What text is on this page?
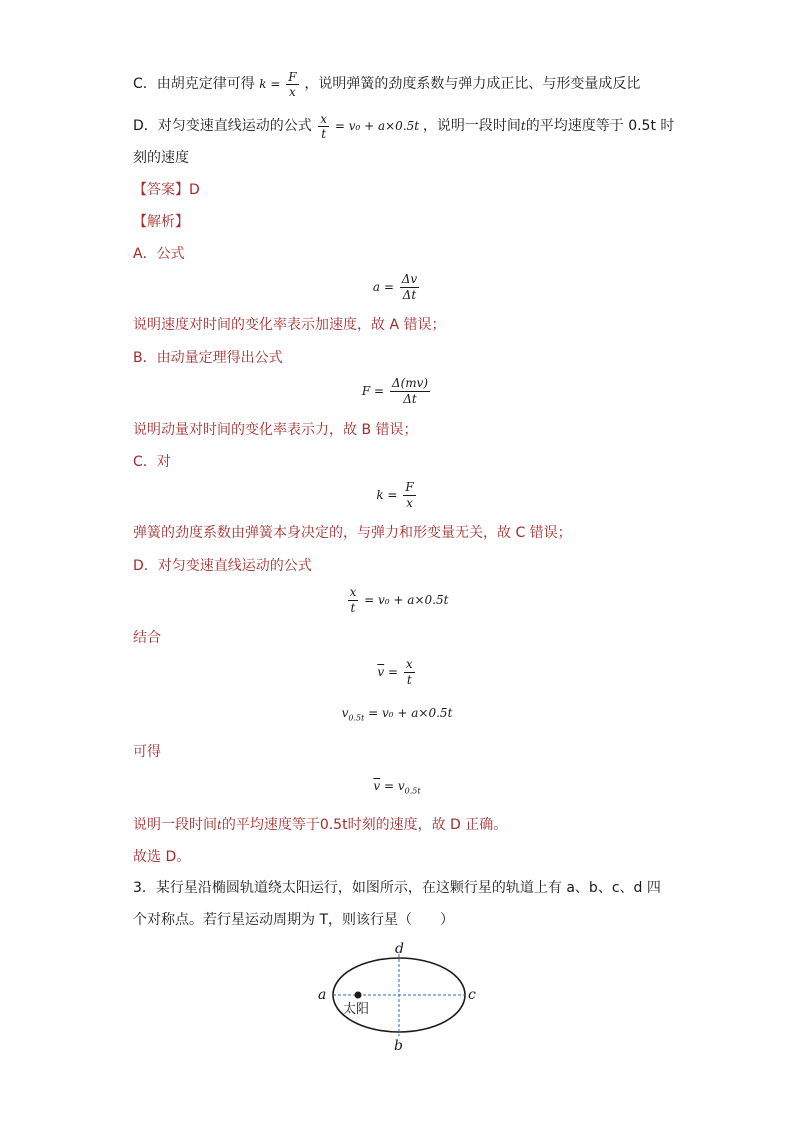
C．由胡克定律可得 $k = \frac{F}{x}$ ，说明弹簧的劲度系数与弹力成正比、与形变量成反比
D．对匀变速直线运动的公式 $\frac{x}{t} = v_0 + a\times 0.5t$ ，说明一段时间t的平均速度等于 0.5t 时
刻的速度
【答案】D
【解析】
A．公式
$a = \frac{\Delta v}{\Delta t}$
说明速度对时间的变化率表示加速度，故 A 错误；
B．由动量定理得出公式
$F = \frac{\Delta(mv)}{\Delta t}$
说明动量对时间的变化率表示力，故 B 错误；
C．对
$k = \frac{F}{x}$
弹簧的劲度系数由弹簧本身决定的，与弹力和形变量无关，故 C 错误；
D．对匀变速直线运动的公式
$\frac{x}{t} = v_0 + a\times 0.5t$
结合
$\overline{v} = \frac{x}{t}$
$v_{0.5t} = v_0 + a\times 0.5t$
可得
$\overline{v} = v_{0.5t}$
说明一段时间t的平均速度等于0.5t时刻的速度，故 D 正确。
故选 D。
3．某行星沿椭圆轨道绕太阳运行，如图所示，在这颗行星的轨道上有 a、b、c、d 四
个对称点。若行星运动周期为 T，则该行星（　　）
太阳
a	c
d
b
